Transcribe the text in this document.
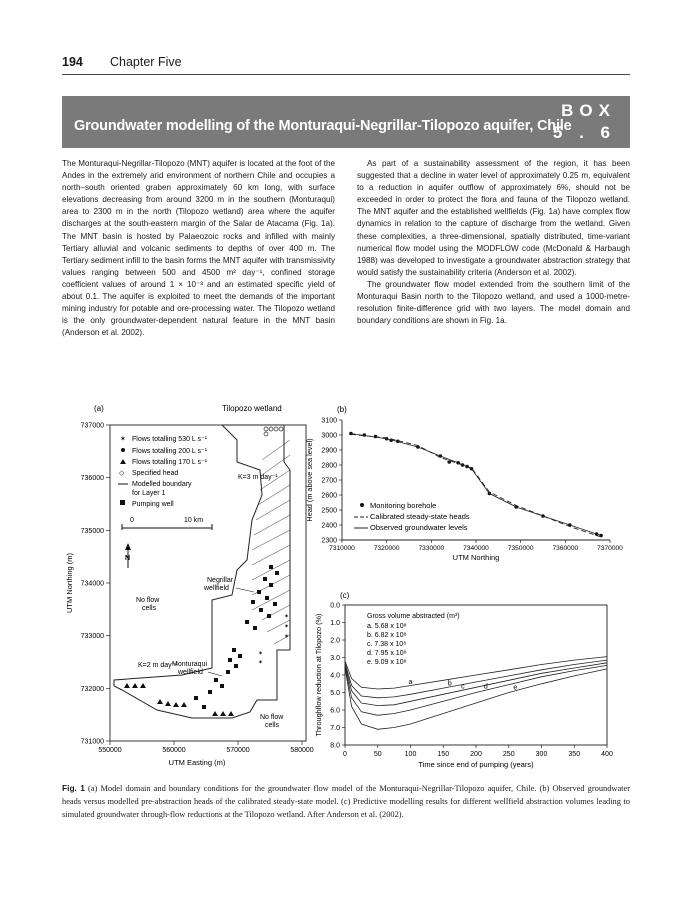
194 Chapter Five
Groundwater modelling of the Monturaqui-Negrillar-Tilopozo aquifer, Chile
BOX
5 . 6

The Monturaqui-Negrillar-Tilopozo (MNT) aquifer is located at the foot of the Andes in the extremely arid environment of northern Chile and occupies a north–south oriented graben approximately 60 km long, with surface elevations decreasing from around 3200 m in the southern (Monturaqui) area to 2300 m in the north (Tilopozo wetland) area where the aquifer discharges at the south-eastern margin of the Salar de Atacama (Fig. 1a). The MNT basin is hosted by Palaeozoic rocks and infilled with mainly Tertiary alluvial and volcanic sediments to depths of over 400 m. The Tertiary sediment infill to the basin forms the MNT aquifer with transmissivity values ranging between 500 and 4500 m² day⁻¹, confined storage coefficient values of around 1 × 10⁻³ and an estimated specific yield of about 0.1. The aquifer is exploited to meet the demands of the important mining industry for potable and ore-processing water. The Tilopozo wetland is the only groundwater-dependent natural feature in the MNT basin (Anderson et al. 2002).

As part of a sustainability assessment of the region, it has been suggested that a decline in water level of approximately 0.25 m, equivalent to a reduction in aquifer outflow of approximately 6%, should not be exceeded in order to protect the flora and fauna of the Tilopozo wetland. The MNT aquifer and the established wellfields (Fig. 1a) have complex flow dynamics in relation to the capture of discharge from the wetland. Given these complexities, a three-dimensional, spatially distributed, time-variant numerical flow model using the MODFLOW code (McDonald & Harbaugh 1988) was developed to investigate a groundwater abstraction strategy that would satisfy the sustainability criteria (Anderson et al. 2002).

The groundwater flow model extended from the southern limit of the Monturaqui Basin north to the Tilopozo wetland, and used a 1000-metre-resolution finite-difference grid with two layers. The model domain and boundary conditions are shown in Fig. 1a.

(a)	Tilopozo wetland
✶
✶
✶
✶
✶
✶ Flows totalling 530 L s⁻¹
Flows totalling 200 L s⁻¹
Flows totalling 170 L s⁻¹
◇ Specified head
Modelled boundary
for Layer 1
Pumping well
0	10 km
N
K=3 m day⁻¹
K=2 m day⁻¹
Negrillar
wellfield
Monturaqui
wellfield
No flow
cells
No flow
cells
737000
736000
735000
734000
733000
732000
731000
550000	560000	570000	580000
UTM Easting (m)
UTM Northing (m)
(b)
3100
3000
2900
2800
2700
2600
2500
2400
2300
7310000	7320000	7330000	7340000	7350000	7360000	7370000
UTM Northing
Head (m above sea level)	Monitoring borehole
Calibrated steady-state heads
Observed groundwater levels
(c)
0.0
1.0
2.0
3.0
4.0
5.0
6.0
7.0
8.0
0	50	100	150	200	250	300	350	400
Time since end of pumping (years)
Throughflow reduction at Tilopozo (%)	a	b c	d	e
Gross volume abstracted (m³)
a. 5.68 x 10⁸
b. 6.82 x 10⁸
c. 7.38 x 10⁸
d. 7.95 x 10⁸
e. 9.09 x 10⁸
Fig. 1 (a) Model domain and boundary conditions for the groundwater flow model of the Monturaqui-Negrillar-Tilopozo aquifer, Chile. (b) Observed groundwater heads versus modelled pre-abstraction heads of the calibrated steady-state model. (c) Predictive modelling results for different wellfield abstraction volumes leading to simulated groundwater through-flow reductions at the Tilopozo wetland. After Anderson et al. (2002).
